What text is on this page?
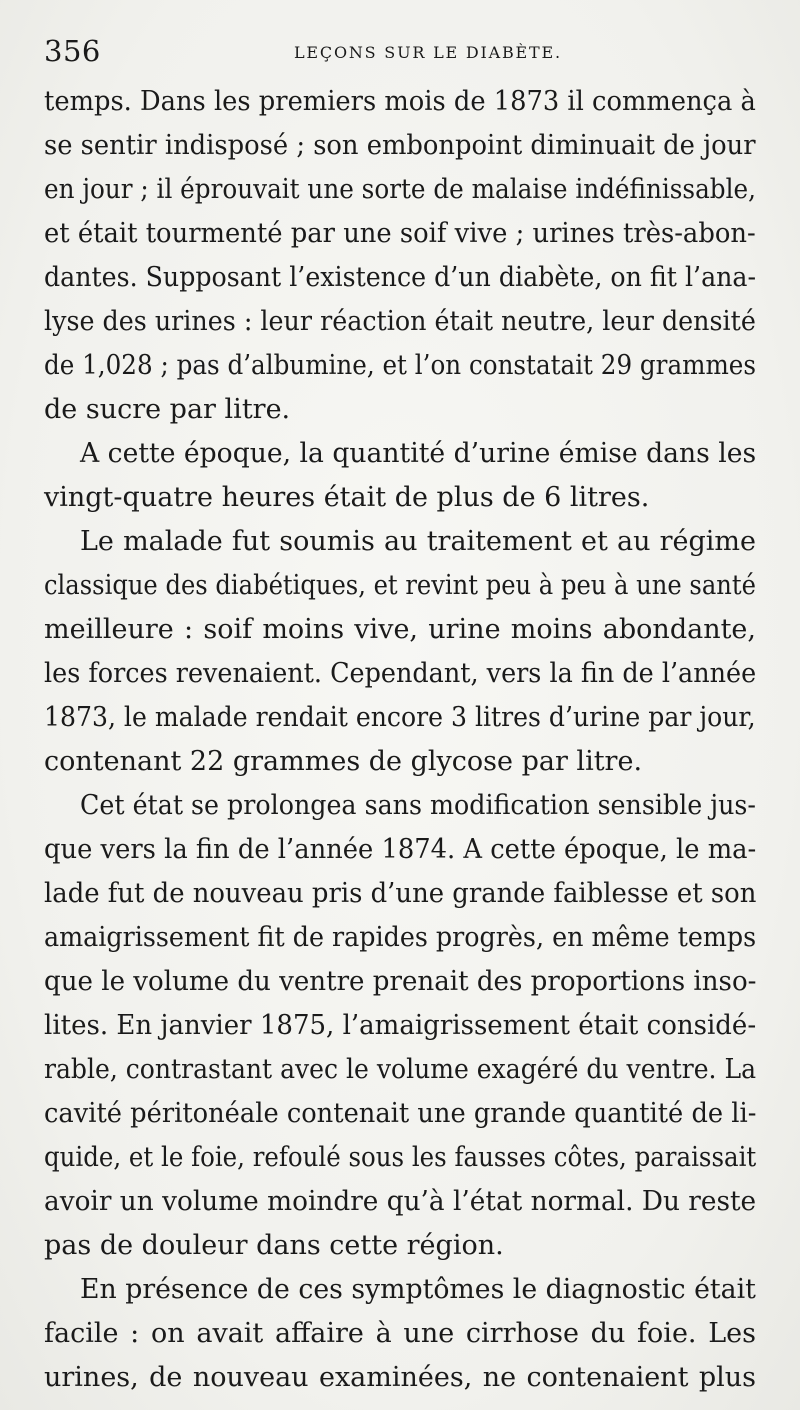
356	LEÇONS SUR LE DIABÈTE.
temps. Dans les premiers mois de 1873 il commença à
se sentir indisposé ; son embonpoint diminuait de jour
en jour ; il éprouvait une sorte de malaise indéfinissable,
et était tourmenté par une soif vive ; urines très-abon-
dantes. Supposant l’existence d’un diabète, on fit l’ana-
lyse des urines : leur réaction était neutre, leur densité
de 1,028 ; pas d’albumine, et l’on constatait 29 grammes
de sucre par litre.
A cette époque, la quantité d’urine émise dans les
vingt-quatre heures était de plus de 6 litres.
Le malade fut soumis au traitement et au régime
classique des diabétiques, et revint peu à peu à une santé
meilleure : soif moins vive, urine moins abondante,
les forces revenaient. Cependant, vers la fin de l’année
1873, le malade rendait encore 3 litres d’urine par jour,
contenant 22 grammes de glycose par litre.
Cet état se prolongea sans modification sensible jus-
que vers la fin de l’année 1874. A cette époque, le ma-
lade fut de nouveau pris d’une grande faiblesse et son
amaigrissement fit de rapides progrès, en même temps
que le volume du ventre prenait des proportions inso-
lites. En janvier 1875, l’amaigrissement était considé-
rable, contrastant avec le volume exagéré du ventre. La
cavité péritonéale contenait une grande quantité de li-
quide, et le foie, refoulé sous les fausses côtes, paraissait
avoir un volume moindre qu’à l’état normal. Du reste
pas de douleur dans cette région.
En présence de ces symptômes le diagnostic était
facile : on avait affaire à une cirrhose du foie. Les
urines, de nouveau examinées, ne contenaient plus
